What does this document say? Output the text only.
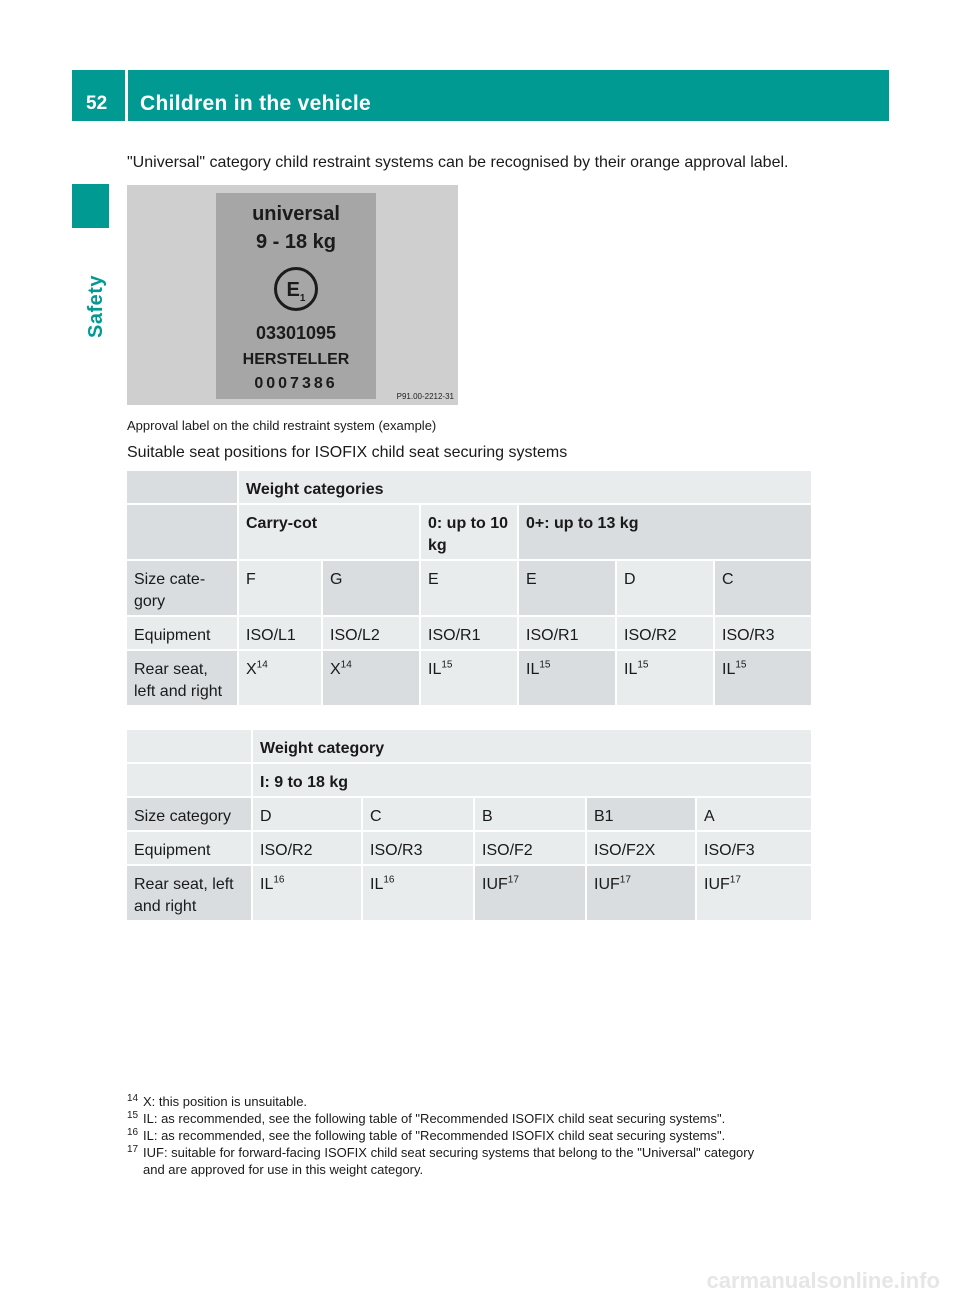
52	Children in the vehicle
Safety

"Universal" category child restraint systems can be recognised by their orange approval label.

universal
9 - 18 kg
$E_1$
03301095
HERSTELLER
0007386
P91.00-2212-31

Approval label on the child restraint system (example)

Suitable seat positions for ISOFIX child seat securing systems

	Weight categories					
	Carry-cot		0: up to 10 kg	0+: up to 13 kg		
Size cate-gory	F	G	E	E	D	C
Equipment	ISO/L1	ISO/L2	ISO/R1	ISO/R1	ISO/R2	ISO/R3
Rear seat, left and right	$X^{14}$	$X^{14}$	IL$^{15}$	IL$^{15}$	IL$^{15}$	IL$^{15}$
	Weight category				
	I: 9 to 18 kg				
Size category	D	C	B	B1	A
Equipment	ISO/R2	ISO/R3	ISO/F2	ISO/F2X	ISO/F3
Rear seat, left and right	IL$^{16}$	IL$^{16}$	IUF$^{17}$	IUF$^{17}$	IUF$^{17}$
14 X: this position is unsuitable.
15 IL: as recommended, see the following table of "Recommended ISOFIX child seat securing systems".
16 IL: as recommended, see the following table of "Recommended ISOFIX child seat securing systems".
17 IUF: suitable for forward-facing ISOFIX child seat securing systems that belong to the "Universal" category
and are approved for use in this weight category.
carmanualsonline.info
